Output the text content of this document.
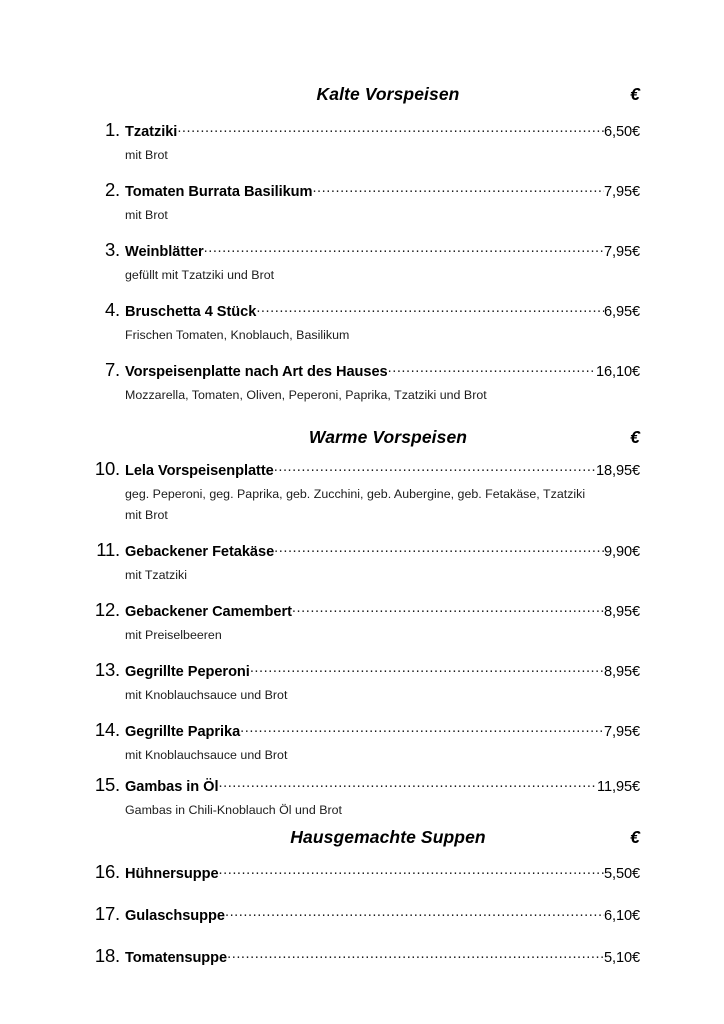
Kalte Vorspeisen	€
1. Tzatziki .....	6,50€
mit Brot
2. Tomaten Burrata Basilikum .....	7,95€
mit Brot
3. Weinblätter .....	7,95€
gefüllt mit Tzatziki und Brot
4. Bruschetta 4 Stück .....	6,95€
Frischen Tomaten, Knoblauch, Basilikum
7. Vorspeisenplatte nach Art des Hauses .....	16,10€
Mozzarella, Tomaten, Oliven, Peperoni, Paprika, Tzatziki und Brot
Warme Vorspeisen	€
10. Lela Vorspeisenplatte .....	18,95€
geg. Peperoni, geg. Paprika, geb. Zucchini, geb. Aubergine, geb. Fetakäse, Tzatziki mit Brot
11. Gebackener Fetakäse .....	9,90€
mit Tzatziki
12. Gebackener Camembert .....	8,95€
mit Preiselbeeren
13. Gegrillte Peperoni .....	8,95€
mit Knoblauchsauce und Brot
14. Gegrillte Paprika .....	7,95€
mit Knoblauchsauce und Brot
15. Gambas in Öl .....	11,95€
Gambas in Chili-Knoblauch Öl und Brot
Hausgemachte Suppen	€
16. Hühnersuppe .....	5,50€
17. Gulaschsuppe .....	6,10€
18. Tomatensuppe .....	5,10€
